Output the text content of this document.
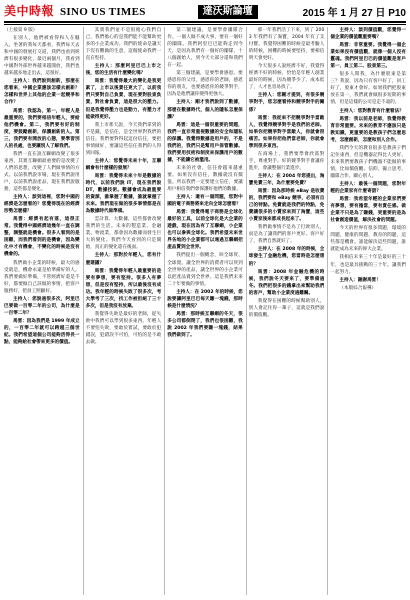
美中時報 SINO US TIMES	達沃斯論壇	2015 年 1 月 27 日 P10

（上接第 9 版）

在別人，他們被看得和人在騷入，坐著的我每天都看，我們每天去和中國的發展打交道，我們也看到經濟有很多變化，最近兩個月，我看到中國對外部世界越來越開放，我們也越來越多地走出去，這很好。

主持人：我們說到創新，那麼在您看來，中國企業應該怎樣去創新？怎樣和世界上其他的企業一起競爭和合作？

馬雲：我認為，第一，年輕人是最重要的，我們要相信年輕人，要給他們機會。第二，我們要有好的制度，要鼓勵創新，保護創新的人。第三，我們要有開放的心態，要學習別人的長處，也要讓別人了解我們。

我們一直在說互聯網改變了很多東西，其實互聯網最重要的是改變了人們的思想，改變了人們做事情的方式。以前我們說市場，現在我們說用戶，以前我們說產品，現在我們說服務，這些都是變化。

主持人：談到這裡，您對中國的經濟是怎麼看的？您覺得現在的經濟形勢怎麼樣？

馬雲：經濟有起有落，這很正常。我覺得中國經濟這幾年一直在調整，調整就是機會。很多人看到的是困難，而我們看到的是機會，因為變化中才有機會，不變化的時候是沒有機會的。

我們做小企業的時候，最大的感受就是，機會永遠是給準備好的人。我們要做好準備，不管經濟好還是不好，都要做自己該做的事情，把客戶服務好，把員工照顧好。

主持人：您說過很多次，阿里巴巴要做一百零二年的公司，為什麼是一百零二年？

馬雲：因為我們是 1999 年成立的，一百零二年就可以跨越三個世紀。我們希望這個公司能夠活得長一點，能夠給社會帶來更多的價值。

其實我們並不是很擔心我們自己，我們擔心的是我們能不能幫助更多的小企業成功。我們的使命是讓天下沒有難做的生意，這個使命我們一直在堅持。

主持人：那麼阿里巴巴上市之後，您的生活有什麼變化嗎？

馬雲：我覺得最大的變化是我更累了，上市以後責任更大了，以前我們只要對自己負責，現在要對股東負責，對社會負責，這是很大的壓力。但是我覺得壓力也是動力，有壓力才能做得更好。

我上市那天說，今天我們拿到的不是錢，是信任，是全世界對我們的信任。我們要對得起這份信任，要把事情做好，要讓這些信任我們的人得到回報。

主持人：您覺得未來十年，互聯網會有什麼樣的發展？

馬雲：我覺得未來十年是數據的時代，以前我們說 IT，現在我們說 DT，數據技術。數據會成為最重要的資源，誰掌握了數據，誰就掌握了未來。我們現在做的很多事情都是在為數據時代做準備。

雲計算、大數據，這些都會改變我們的生活。未來的製造業、金融業、物流業，都會因為數據而發生巨大的變化。我們今天看到的只是開始，真正的變化還在後面。

主持人：那對於年輕人，您有什麼建議？

馬雲：我覺得年輕人最重要的是要有夢想，要有堅持。很多人有夢想，但是沒有堅持，所以最後沒有成功。我年輕的時候失敗了很多次，考大學考了三次，找工作被拒絕了三十多次，但是我沒有放棄。

我覺得失敗是最好的老師，從失敗中我們可以學到很多東西。年輕人不要怕失敗，要敢於嘗試，要敢於犯錯誤，犯錯誤不可怕，可怕的是不敢去做。

第二個建議，是要學會團隊合作。一個人做不成大事，要有一個好的團隊。我們阿里巴巴能夠走到今天，是因為我們有一個好的團隊，十八個創始人，到今天大部分還和我們在一起。

第三個建議，是要學會感恩。要感恩你的父母，感恩你的老師，感恩你的朋友，也要感恩你的競爭對手，因為是他們讓你變得更強大。

主持人：剛才我們說到了數據，那麼在數據時代，個人的隱私怎麼保護？

馬雲：這是一個很重要的問題，我們一直非常重視數據的安全和隱私的保護。我覺得數據是用戶的，不是我們的，我們只是幫用戶保管數據。我們要用技術和制度來保護用戶的數據，不能讓它被濫用。

未來的社會，信任會越來越重要。如果沒有信任，數據就沒有價值。所以我們一定要建立信任，要讓用戶相信我們會保護好他們的數據。

主持人：還有一個問題，您對中國的電子商務將來走向全球怎麼看？

馬雲：我覺得電子商務是全球化最好的工具，以前全球化是大企業的遊戲，現在因為有了互聯網，小企業也可以參與全球化。我們希望未來世界各地的小企業都可以通過互聯網把產品賣到全世界。

我們提出一個概念，叫全球買、全球賣。讓全世界的消費者可以買到全世界的產品，讓全世界的小企業可以把產品賣到全世界。這是我們未來二十年要做的事情。

主持人：在 2002 年的時候，您說要讓阿里巴巴每天賺一塊錢，那時候是什麼情況？

馬雲：那時候互聯網的冬天，很多公司都倒閉了，我們也很困難，我說 2002 年我們要賺一塊錢，結果我們做到了。

那一年我們活了下來，到了 2003 年我們有了淘寶，2004 年有了支付寶。我覺得困難的時候是最考驗人的時候，困難的時候要堅持，要相信明天會更好。

今天很多人說經濟不好，我覺得經濟不好的時候，恰恰是年輕人創業最好的時候，因為競爭少了，成本低了，人才也容易找了。

主持人：您剛才提到，有很多競爭對手，您怎麼看待和競爭對手的關係？

馬雲：我從來不把競爭對手當敵人，我覺得競爭對手是我們的老師。如果你把競爭對手當敵人，你就會很痛苦。如果你把他們當老師，你就會學到很多東西。

在商場上，我們要學會欣賞對手，尊重對手。好的競爭對手會讓你進步，會讓整個行業進步。

主持人：在 2004 年您提出，淘寶免費三年，為什麼要免費？

馬雲：因為那時候 eBay 是收費的，我們要和 eBay 競爭，必須有自己的特點。免費就是我們的特點，免費讓很多的小賣家來到了淘寶，這些小賣家後來都成長起來了。

我們做事情不是為了打敗別人，而是為了讓我們的客戶更好。客戶好了，我們自然就好了。

主持人：在 2008 年的時候，全球發生了金融危機，您當時是怎麼想的？

馬雲：2008 年金融危機的時候，我們說冬天要來了，要準備過冬。我們把很多的錢拿出來幫助我們的客戶，幫助小企業度過難關。

我覺得在困難的時候幫助別人，別人會記住你一輩子，這就是我們說的價值觀。

主持人：談到價值觀，您覺得一個企業的價值觀重要嗎？

馬雲：非常重要。我覺得一個企業如果沒有價值觀，就像一個人沒有靈魂。我們阿里巴巴的價值觀是客戶第一、員工第二、股東第三。

很多人問我，為什麼股東是第三？我說，因為只有客戶好了，員工好了，股東才會好。如果我們把股東放在第一，我們就會做很多短期的事情，但是這樣的公司是走不遠的。

主持人：您對教育有什麼看法？

馬雲：我以前是老師，我覺得教育非常重要。未來的教育不應該只是教知識，更重要的是教孩子們怎麼思考，怎麼創新，怎麼和別人合作。

我們今天的教育很多是教孩子們記住東西，但是機器記得比人更好。未來我們要教孩子們機器不能做的事情，比如價值觀、信仰、獨立思考、團隊合作、關心別人。

主持人：最後一個問題，您對年輕的企業家有什麼寄語？

馬雲：我希望年輕的企業家們要有夢想，要有擔當，要有責任感。做企業不只是為了賺錢，更重要的是為社會創造價值，解決社會的問題。

今天的世界有很多問題，環境的問題，健康的問題，教育的問題，這些都是機會。誰能解決這些問題，誰就能成為未來的偉大企業。

我相信未來三十年是最好的三十年，也是最具挑戰的三十年。讓我們一起努力。

主持人：謝謝馬雲！

（本版綜合報導）
